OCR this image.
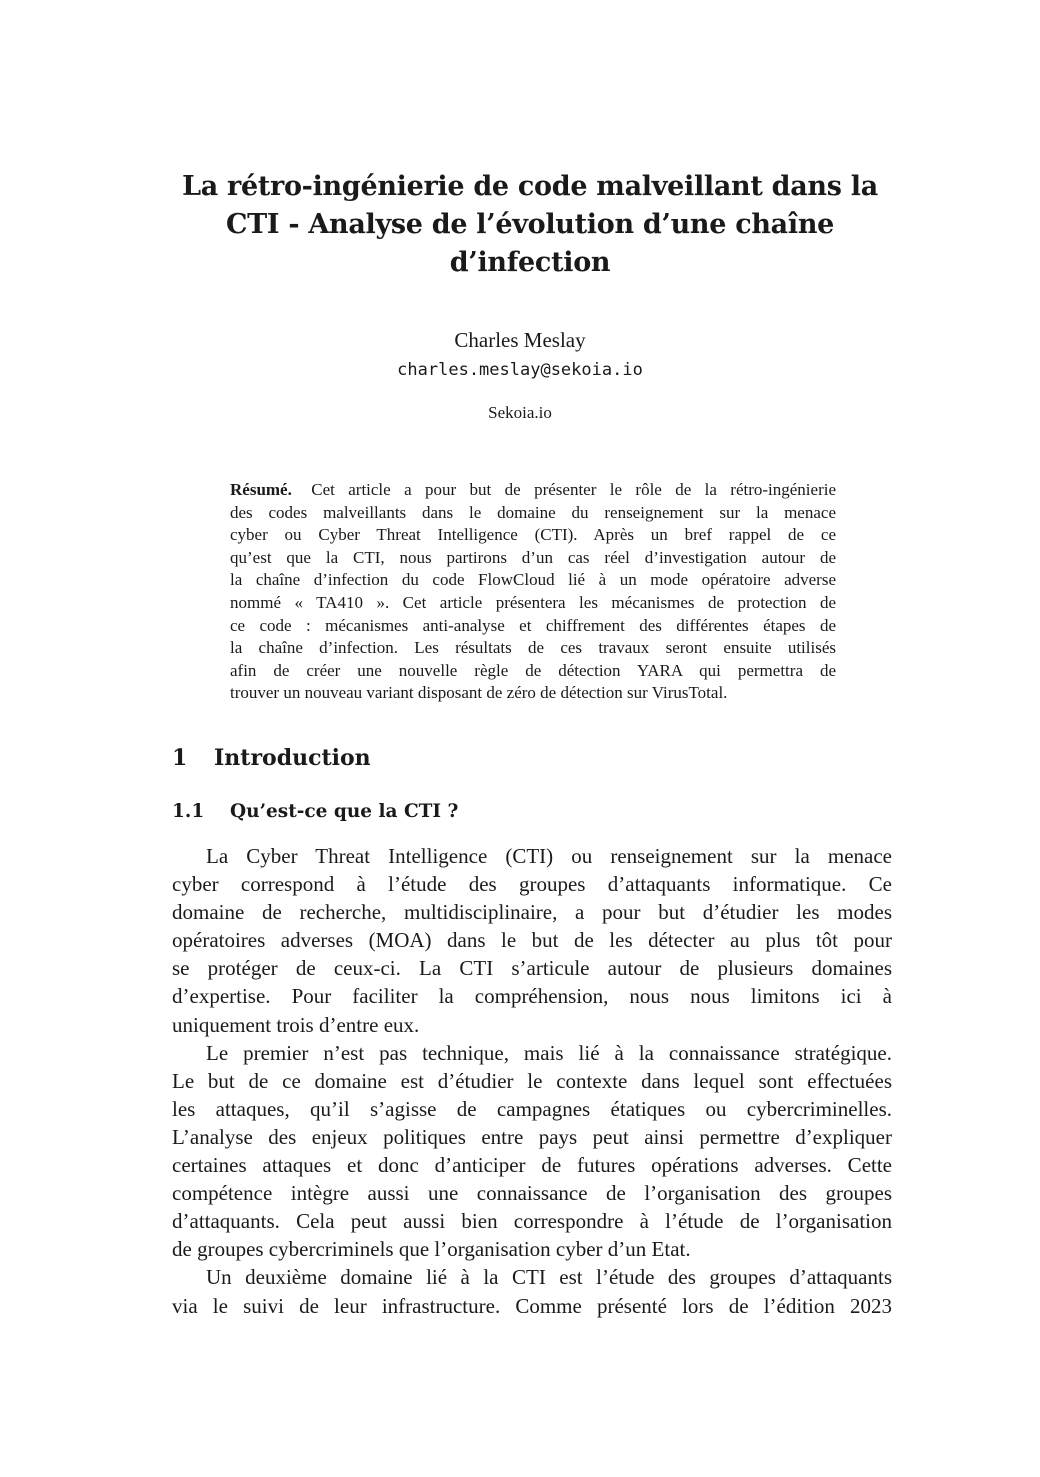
La rétro-ingénierie de code malveillant dans la
CTI - Analyse de l’évolution d’une chaîne
d’infection
Charles Meslay
charles.meslay@sekoia.io
Sekoia.io
Résumé. Cet article a pour but de présenter le rôle de la rétro-ingénierie
des codes malveillants dans le domaine du renseignement sur la menace
cyber ou Cyber Threat Intelligence (CTI). Après un bref rappel de ce
qu’est que la CTI, nous partirons d’un cas réel d’investigation autour de
la chaîne d’infection du code FlowCloud lié à un mode opératoire adverse
nommé « TA410 ». Cet article présentera les mécanismes de protection de
ce code : mécanismes anti-analyse et chiffrement des différentes étapes de
la chaîne d’infection. Les résultats de ces travaux seront ensuite utilisés
afin de créer une nouvelle règle de détection YARA qui permettra de
trouver un nouveau variant disposant de zéro de détection sur VirusTotal.
1 Introduction
1.1 Qu’est-ce que la CTI ?
La Cyber Threat Intelligence (CTI) ou renseignement sur la menace
cyber correspond à l’étude des groupes d’attaquants informatique. Ce
domaine de recherche, multidisciplinaire, a pour but d’étudier les modes
opératoires adverses (MOA) dans le but de les détecter au plus tôt pour
se protéger de ceux-ci. La CTI s’articule autour de plusieurs domaines
d’expertise. Pour faciliter la compréhension, nous nous limitons ici à
uniquement trois d’entre eux.
Le premier n’est pas technique, mais lié à la connaissance stratégique.
Le but de ce domaine est d’étudier le contexte dans lequel sont effectuées
les attaques, qu’il s’agisse de campagnes étatiques ou cybercriminelles.
L’analyse des enjeux politiques entre pays peut ainsi permettre d’expliquer
certaines attaques et donc d’anticiper de futures opérations adverses. Cette
compétence intègre aussi une connaissance de l’organisation des groupes
d’attaquants. Cela peut aussi bien correspondre à l’étude de l’organisation
de groupes cybercriminels que l’organisation cyber d’un Etat.
Un deuxième domaine lié à la CTI est l’étude des groupes d’attaquants
via le suivi de leur infrastructure. Comme présenté lors de l’édition 2023
